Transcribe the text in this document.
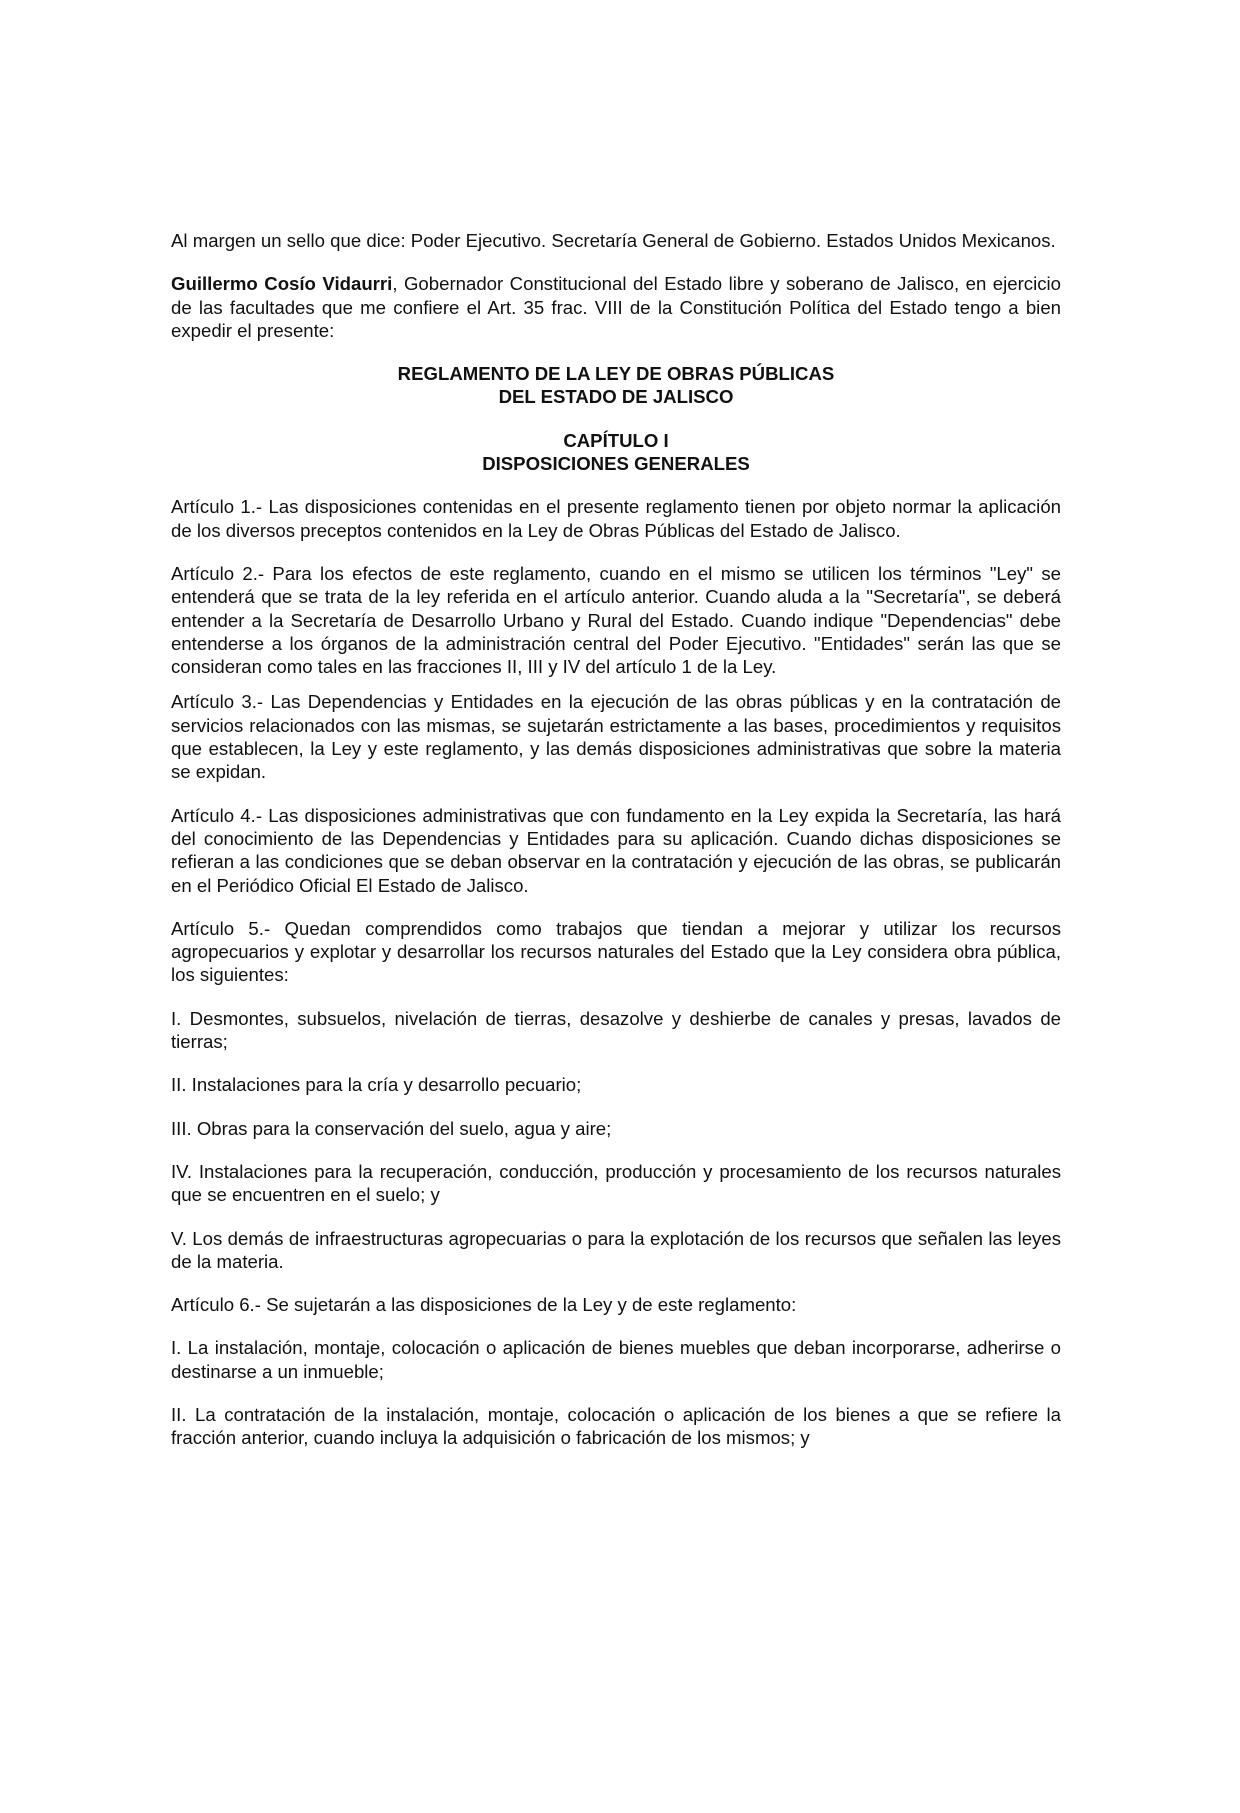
Al margen un sello que dice: Poder Ejecutivo. Secretaría General de Gobierno. Estados Unidos Mexicanos.

Guillermo Cosío Vidaurri, Gobernador Constitucional del Estado libre y soberano de Jalisco, en ejercicio de las facultades que me confiere el Art. 35 frac. VIII de la Constitución Política del Estado tengo a bien expedir el presente:

REGLAMENTO DE LA LEY DE OBRAS PÚBLICAS

DEL ESTADO DE JALISCO

CAPÍTULO I

DISPOSICIONES GENERALES

Artículo 1.- Las disposiciones contenidas en el presente reglamento tienen por objeto normar la aplicación de los diversos preceptos contenidos en la Ley de Obras Públicas del Estado de Jalisco.

Artículo 2.- Para los efectos de este reglamento, cuando en el mismo se utilicen los términos "Ley" se entenderá que se trata de la ley referida en el artículo anterior. Cuando aluda a la "Secretaría", se deberá entender a la Secretaría de Desarrollo Urbano y Rural del Estado. Cuando indique "Dependencias" debe entenderse a los órganos de la administración central del Poder Ejecutivo. "Entidades" serán las que se consideran como tales en las fracciones II, III y IV del artículo 1 de la Ley.

Artículo 3.- Las Dependencias y Entidades en la ejecución de las obras públicas y en la contratación de servicios relacionados con las mismas, se sujetarán estrictamente a las bases, procedimientos y requisitos que establecen, la Ley y este reglamento, y las demás disposiciones administrativas que sobre la materia se expidan.

Artículo 4.- Las disposiciones administrativas que con fundamento en la Ley expida la Secretaría, las hará del conocimiento de las Dependencias y Entidades para su aplicación. Cuando dichas disposiciones se refieran a las condiciones que se deban observar en la contratación y ejecución de las obras, se publicarán en el Periódico Oficial El Estado de Jalisco.

Artículo 5.- Quedan comprendidos como trabajos que tiendan a mejorar y utilizar los recursos agropecuarios y explotar y desarrollar los recursos naturales del Estado que la Ley considera obra pública, los siguientes:

I. Desmontes, subsuelos, nivelación de tierras, desazolve y deshierbe de canales y presas, lavados de tierras;

II. Instalaciones para la cría y desarrollo pecuario;

III. Obras para la conservación del suelo, agua y aire;

IV. Instalaciones para la recuperación, conducción, producción y procesamiento de los recursos naturales que se encuentren en el suelo; y

V. Los demás de infraestructuras agropecuarias o para la explotación de los recursos que señalen las leyes de la materia.

Artículo 6.- Se sujetarán a las disposiciones de la Ley y de este reglamento:

I. La instalación, montaje, colocación o aplicación de bienes muebles que deban incorporarse, adherirse o destinarse a un inmueble;

II. La contratación de la instalación, montaje, colocación o aplicación de los bienes a que se refiere la fracción anterior, cuando incluya la adquisición o fabricación de los mismos; y
